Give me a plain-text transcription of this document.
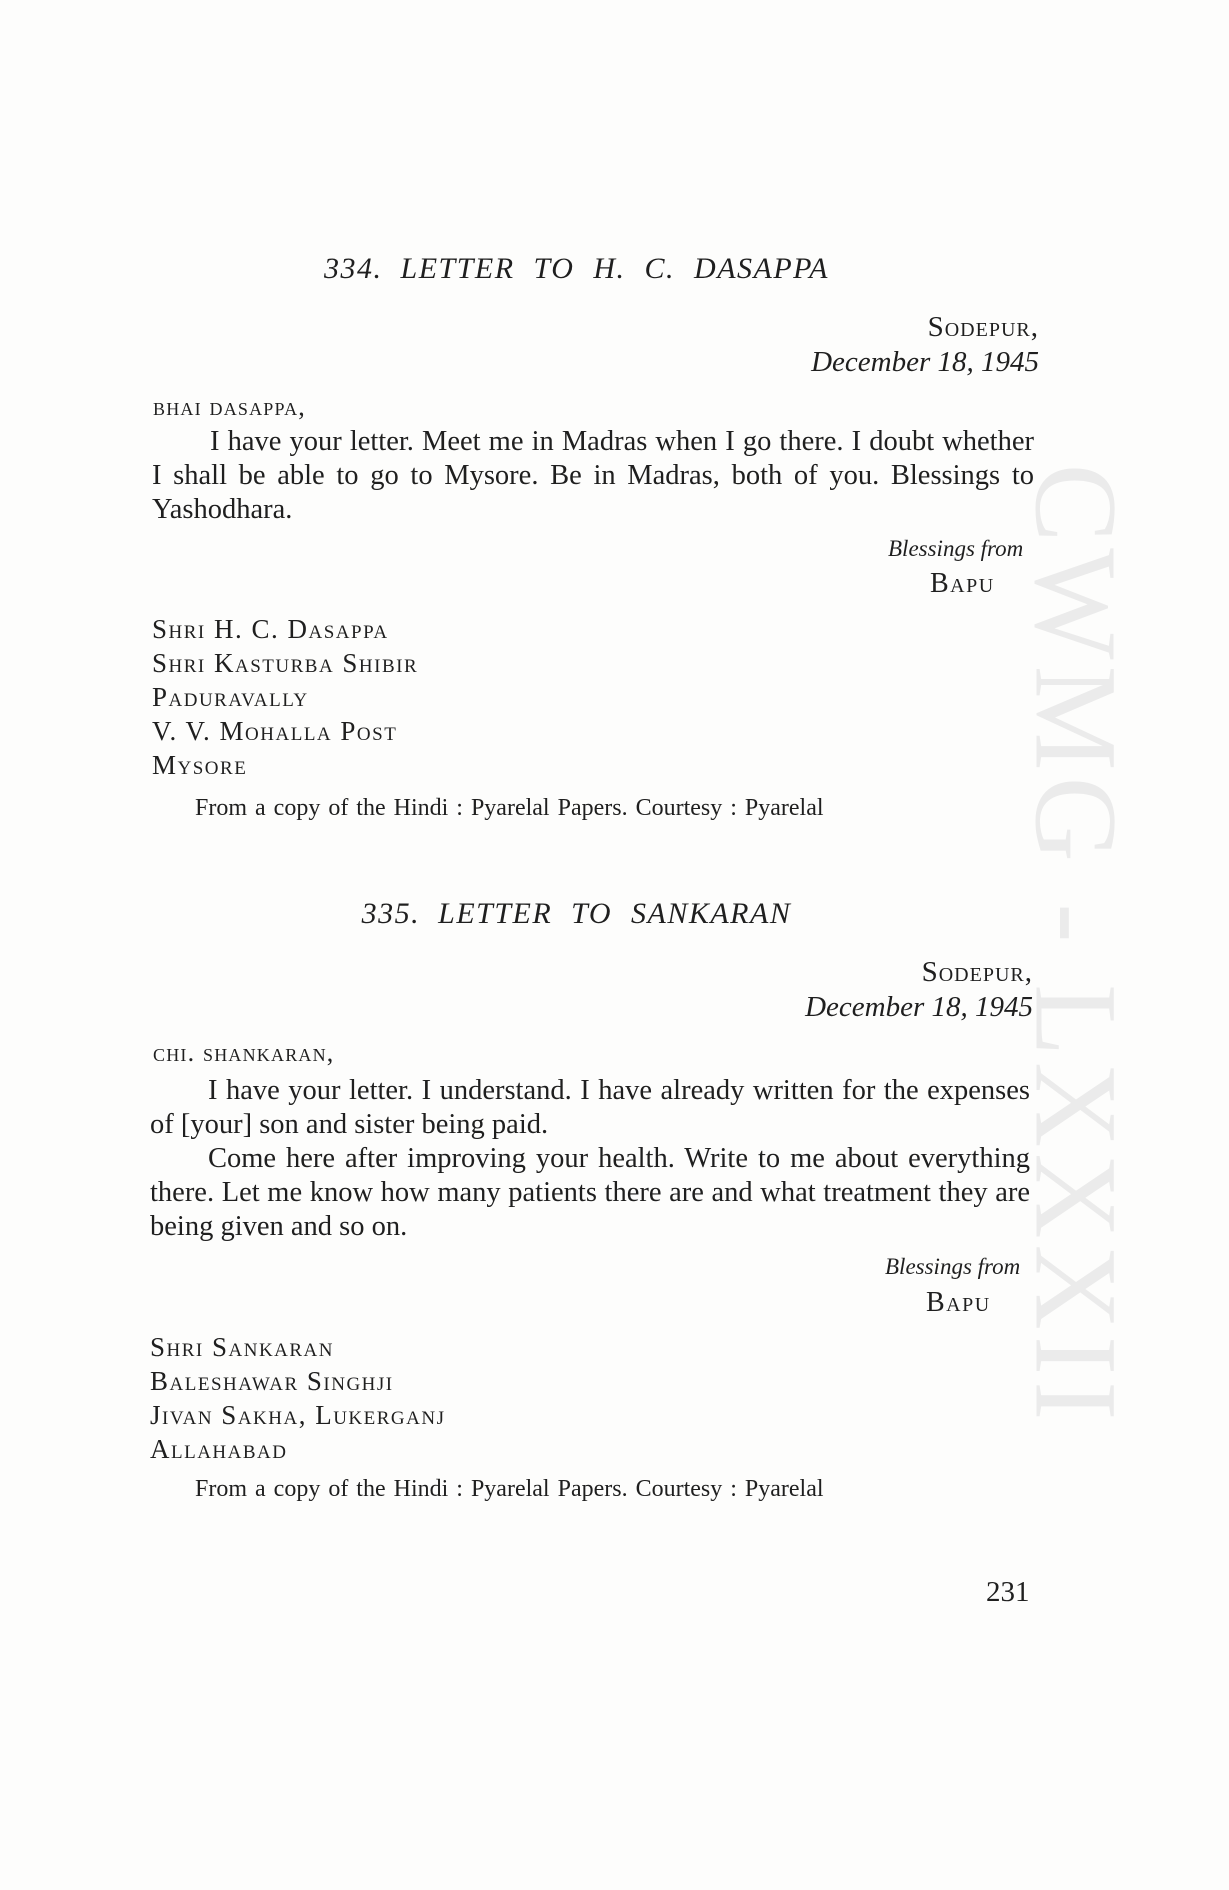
CWMG - LXXXII
334. LETTER TO H. C. DASAPPA
Sodepur,
December 18, 1945
bhai dasappa,

I have your letter. Meet me in Madras when I go there. I doubt whether I shall be able to go to Mysore. Be in Madras, both of you. Blessings to Yashodhara.

Blessings from
Bapu
Shri H. C. Dasappa
Shri Kasturba Shibir
Paduravally
V. V. Mohalla Post
Mysore
From a copy of the Hindi : Pyarelal Papers. Courtesy : Pyarelal
335. LETTER TO SANKARAN
Sodepur,
December 18, 1945
chi. shankaran,

I have your letter. I understand. I have already written for the expenses of [your] son and sister being paid.

Come here after improving your health. Write to me about everything there. Let me know how many patients there are and what treatment they are being given and so on.

Blessings from
Bapu
Shri Sankaran
Baleshawar Singhji
Jivan Sakha, Lukerganj
Allahabad
From a copy of the Hindi : Pyarelal Papers. Courtesy : Pyarelal
231
